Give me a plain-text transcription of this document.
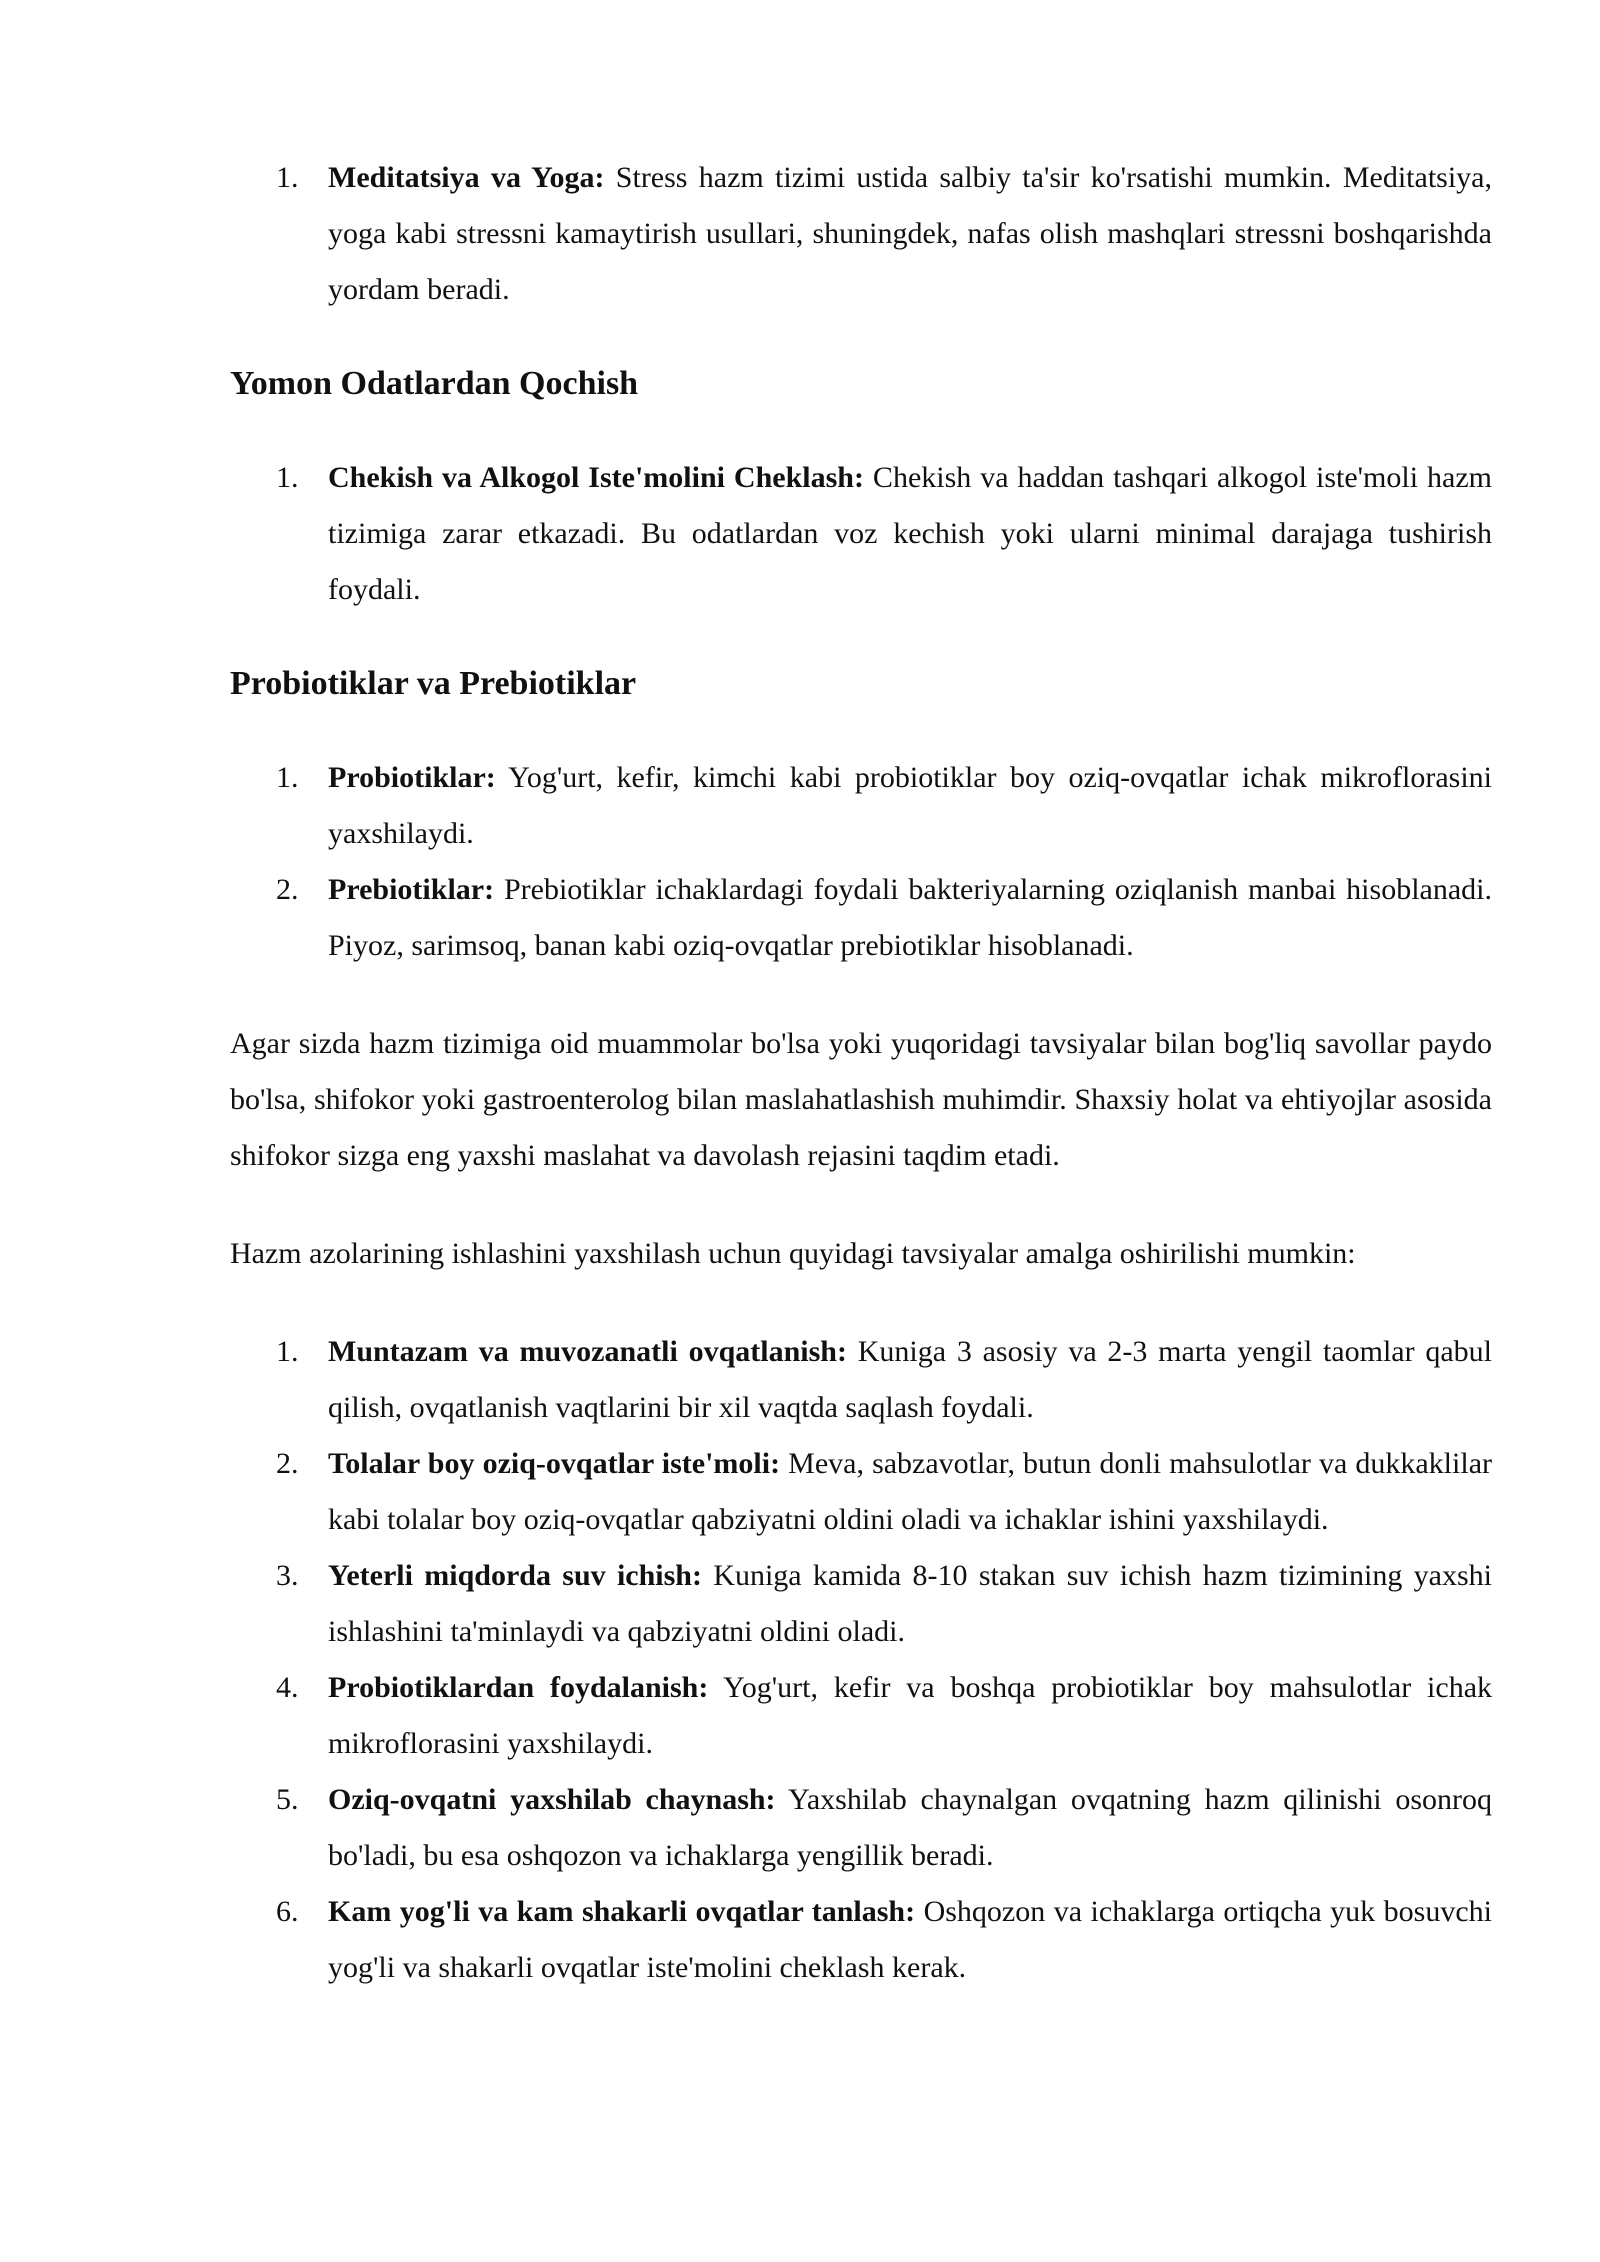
1. Meditatsiya va Yoga: Stress hazm tizimi ustida salbiy ta'sir ko'rsatishi mumkin. Meditatsiya, yoga kabi stressni kamaytirish usullari, shuningdek, nafas olish mashqlari stressni boshqarishda yordam beradi.
Yomon Odatlardan Qochish
1. Chekish va Alkogol Iste'molini Cheklash: Chekish va haddan tashqari alkogol iste'moli hazm tizimiga zarar etkazadi. Bu odatlardan voz kechish yoki ularni minimal darajaga tushirish foydali.
Probiotiklar va Prebiotiklar
1. Probiotiklar: Yog'urt, kefir, kimchi kabi probiotiklar boy oziq-ovqatlar ichak mikroflorasini yaxshilaydi.
2. Prebiotiklar: Prebiotiklar ichaklardagi foydali bakteriyalarning oziqlanish manbai hisoblanadi. Piyoz, sarimsoq, banan kabi oziq-ovqatlar prebiotiklar hisoblanadi.

Agar sizda hazm tizimiga oid muammolar bo'lsa yoki yuqoridagi tavsiyalar bilan bog'liq savollar paydo bo'lsa, shifokor yoki gastroenterolog bilan maslahatlashish muhimdir. Shaxsiy holat va ehtiyojlar asosida shifokor sizga eng yaxshi maslahat va davolash rejasini taqdim etadi.

Hazm azolarining ishlashini yaxshilash uchun quyidagi tavsiyalar amalga oshirilishi mumkin:

1. Muntazam va muvozanatli ovqatlanish: Kuniga 3 asosiy va 2-3 marta yengil taomlar qabul qilish, ovqatlanish vaqtlarini bir xil vaqtda saqlash foydali.
2. Tolalar boy oziq-ovqatlar iste'moli: Meva, sabzavotlar, butun donli mahsulotlar va dukkaklilar kabi tolalar boy oziq-ovqatlar qabziyatni oldini oladi va ichaklar ishini yaxshilaydi.
3. Yeterli miqdorda suv ichish: Kuniga kamida 8-10 stakan suv ichish hazm tizimining yaxshi ishlashini ta'minlaydi va qabziyatni oldini oladi.
4. Probiotiklardan foydalanish: Yog'urt, kefir va boshqa probiotiklar boy mahsulotlar ichak mikroflorasini yaxshilaydi.
5. Oziq-ovqatni yaxshilab chaynash: Yaxshilab chaynalgan ovqatning hazm qilinishi osonroq bo'ladi, bu esa oshqozon va ichaklarga yengillik beradi.
6. Kam yog'li va kam shakarli ovqatlar tanlash: Oshqozon va ichaklarga ortiqcha yuk bosuvchi yog'li va shakarli ovqatlar iste'molini cheklash kerak.
